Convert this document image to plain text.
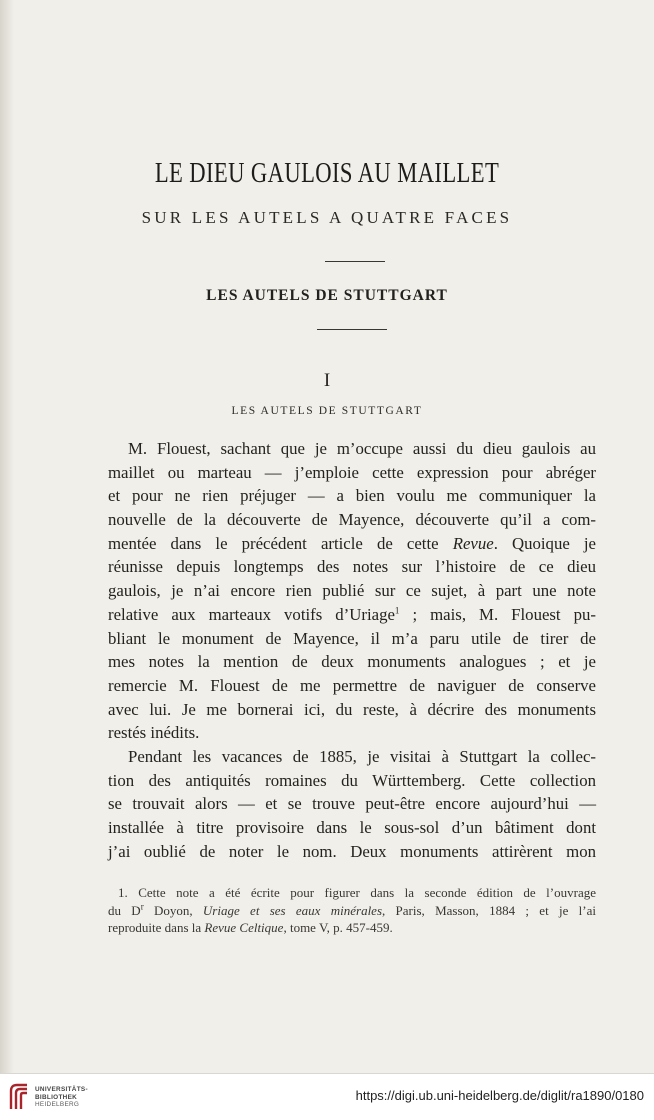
LE DIEU GAULOIS AU MAILLET
SUR LES AUTELS A QUATRE FACES
LES AUTELS DE STUTTGART
I
LES AUTELS DE STUTTGART
M. Flouest, sachant que je m’occupe aussi du dieu gaulois au
maillet ou marteau — j’emploie cette expression pour abréger
et pour ne rien préjuger — a bien voulu me communiquer la
nouvelle de la découverte de Mayence, découverte qu’il a com-
mentée dans le précédent article de cette Revue. Quoique je
réunisse depuis longtemps des notes sur l’histoire de ce dieu
gaulois, je n’ai encore rien publié sur ce sujet, à part une note
relative aux marteaux votifs d’Uriage$^1$ ; mais, M. Flouest pu-
bliant le monument de Mayence, il m’a paru utile de tirer de
mes notes la mention de deux monuments analogues ; et je
remercie M. Flouest de me permettre de naviguer de conserve
avec lui. Je me bornerai ici, du reste, à décrire des monuments
restés inédits.
Pendant les vacances de 1885, je visitai à Stuttgart la collec-
tion des antiquités romaines du Württemberg. Cette collection
se trouvait alors — et se trouve peut-être encore aujourd’hui —
installée à titre provisoire dans le sous-sol d’un bâtiment dont
j’ai oublié de noter le nom. Deux monuments attirèrent mon
1. Cette note a été écrite pour figurer dans la seconde édition de l’ouvrage
du $D^r$ Doyon, Uriage et ses eaux minérales, Paris, Masson, 1884 ; et je l’ai
reproduite dans la Revue Celtique, tome V, p. 457-459.
UNIVERSITÄTS-
BIBLIOTHEK
HEIDELBERG
https://digi.ub.uni-heidelberg.de/diglit/ra1890/0180
